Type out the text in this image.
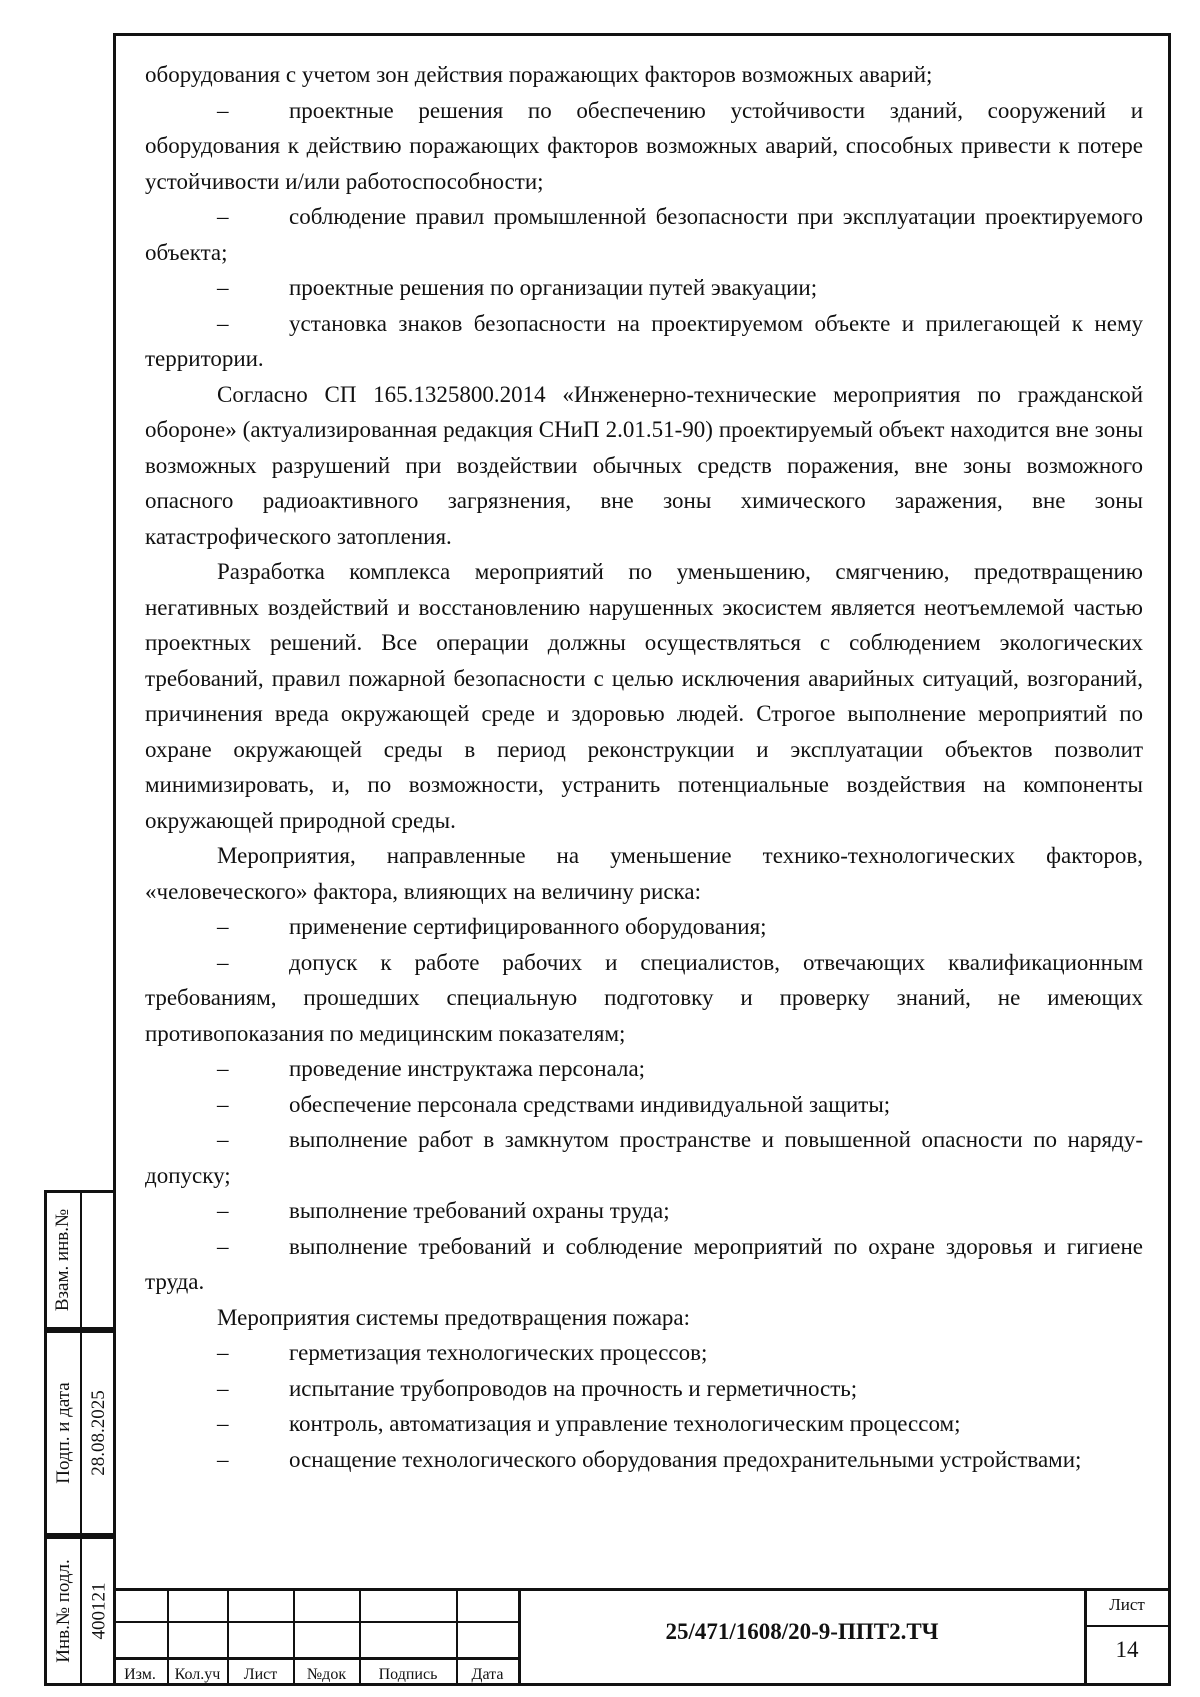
оборудования с учетом зон действия поражающих факторов возможных аварий;

–	проектные решения по обеспечению устойчивости зданий, сооружений и оборудования к действию поражающих факторов возможных аварий, способных привести к потере устойчивости и/или работоспособности;

–	соблюдение правил промышленной безопасности при эксплуатации проектируемого объекта;

–	проектные решения по организации путей эвакуации;

–	установка знаков безопасности на проектируемом объекте и прилегающей к нему территории.

Согласно СП 165.1325800.2014 «Инженерно-технические мероприятия по гражданской обороне» (актуализированная редакция СНиП 2.01.51-90) проектируемый объект находится вне зоны возможных разрушений при воздействии обычных средств поражения, вне зоны возможного опасного радиоактивного загрязнения, вне зоны химического заражения, вне зоны катастрофического затопления.

Разработка комплекса мероприятий по уменьшению, смягчению, предотвращению негативных воздействий и восстановлению нарушенных экосистем является неотъемлемой частью проектных решений. Все операции должны осуществляться с соблюдением экологических требований, правил пожарной безопасности с целью исключения аварийных ситуаций, возгораний, причинения вреда окружающей среде и здоровью людей. Строгое выполнение мероприятий по охране окружающей среды в период реконструкции и эксплуатации объектов позволит минимизировать, и, по возможности, устранить потенциальные воздействия на компоненты окружающей природной среды.

Мероприятия, направленные на уменьшение технико-технологических факторов, «человеческого» фактора, влияющих на величину риска:

–	применение сертифицированного оборудования;

–	допуск к работе рабочих и специалистов, отвечающих квалификационным требованиям, прошедших специальную подготовку и проверку знаний, не имеющих противопоказания по медицинским показателям;

–	проведение инструктажа персонала;

–	обеспечение персонала средствами индивидуальной защиты;

–	выполнение работ в замкнутом пространстве и повышенной опасности по наряду-допуску;

–	выполнение требований охраны труда;

–	выполнение требований и соблюдение мероприятий по охране здоровья и гигиене труда.

Мероприятия системы предотвращения пожара:

–	герметизация технологических процессов;

–	испытание трубопроводов на прочность и герметичность;

–	контроль, автоматизация и управление технологическим процессом;

–	оснащение технологического оборудования предохранительными устройствами;

Взам. инв.№
Подп. и дата 28.08.2025
Инв.№ подл. 400121
Изм.	Кол.уч	Лист	№док	Подпись	Дата
25/471/1608/20-9-ППТ2.ТЧ
Лист
14
